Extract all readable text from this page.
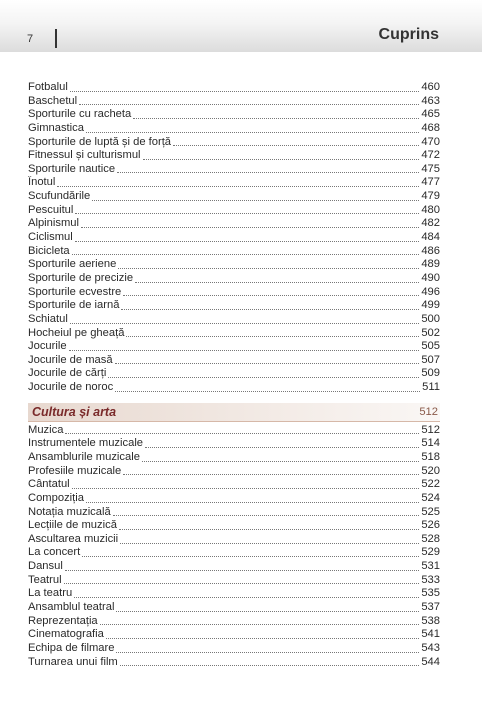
7	Cuprins
Fotbalul	460
Baschetul	463
Sporturile cu racheta	465
Gimnastica	468
Sporturile de luptă și de forță	470
Fitnessul și culturismul	472
Sporturile nautice	475
Înotul	477
Scufundările	479
Pescuitul	480
Alpinismul	482
Ciclismul	484
Bicicleta	486
Sporturile aeriene	489
Sporturile de precizie	490
Sporturile ecvestre	496
Sporturile de iarnă	499
Schiatul	500
Hocheiul pe gheață	502
Jocurile	505
Jocurile de masă	507
Jocurile de cărți	509
Jocurile de noroc	511
Cultura și arta	512
Muzica	512
Instrumentele muzicale	514
Ansamblurile muzicale	518
Profesiile muzicale	520
Cântatul	522
Compoziția	524
Notația muzicală	525
Lecțiile de muzică	526
Ascultarea muzicii	528
La concert	529
Dansul	531
Teatrul	533
La teatru	535
Ansamblul teatral	537
Reprezentația	538
Cinematografia	541
Echipa de filmare	543
Turnarea unui film	544
